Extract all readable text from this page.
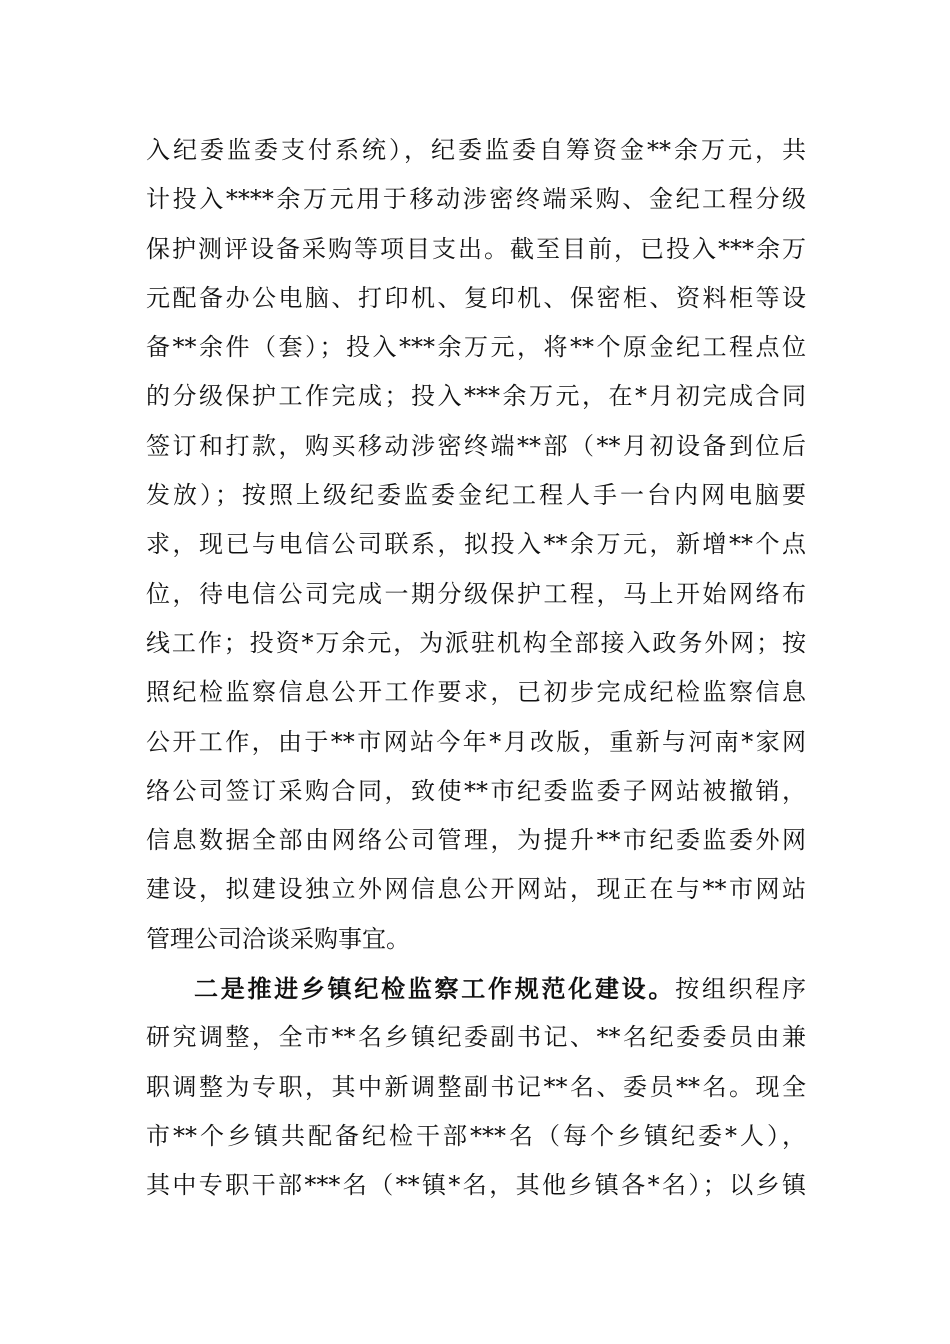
入纪委监委支付系统），纪委监委自筹资金**余万元，共
计投入****余万元用于移动涉密终端采购、金纪工程分级
保护测评设备采购等项目支出。截至目前，已投入***余万
元配备办公电脑、打印机、复印机、保密柜、资料柜等设
备**余件（套）；投入***余万元，将**个原金纪工程点位
的分级保护工作完成；投入***余万元，在*月初完成合同
签订和打款，购买移动涉密终端**部（**月初设备到位后
发放）；按照上级纪委监委金纪工程人手一台内网电脑要
求，现已与电信公司联系，拟投入**余万元，新增**个点
位，待电信公司完成一期分级保护工程，马上开始网络布
线工作；投资*万余元，为派驻机构全部接入政务外网；按
照纪检监察信息公开工作要求，已初步完成纪检监察信息
公开工作，由于**市网站今年*月改版，重新与河南*家网
络公司签订采购合同，致使**市纪委监委子网站被撤销，
信息数据全部由网络公司管理，为提升**市纪委监委外网
建设，拟建设独立外网信息公开网站，现正在与**市网站
管理公司洽谈采购事宜。
二是推进乡镇纪检监察工作规范化建设。按组织程序
研究调整，全市**名乡镇纪委副书记、**名纪委委员由兼
职调整为专职，其中新调整副书记**名、委员**名。现全
市**个乡镇共配备纪检干部***名（每个乡镇纪委*人），
其中专职干部***名（**镇*名，其他乡镇各*名）；以乡镇
